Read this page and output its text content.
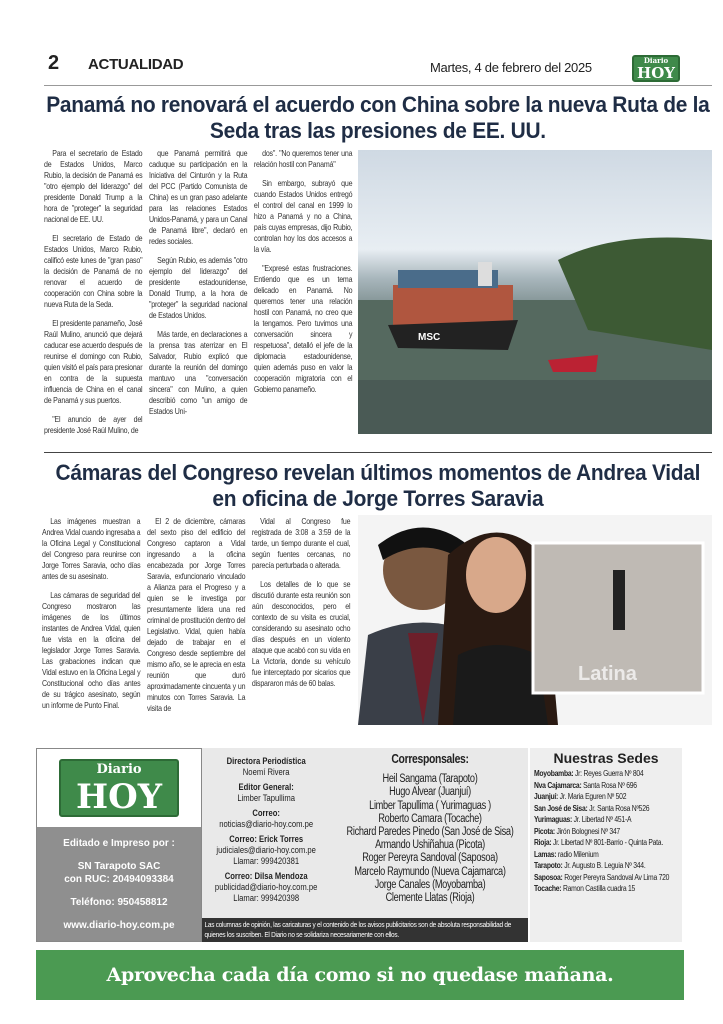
2 ACTUALIDAD	Martes, 4 de febrero del 2025	Diario
HOY
Panamá no renovará el acuerdo con China sobre la nueva Ruta de la Seda tras las presiones de EE. UU.

Para el secretario de Estado de Estados Unidos, Marco Rubio, la decisión de Panamá es "otro ejemplo del liderazgo" del presidente Donald Trump a la hora de "proteger" la seguridad nacional de EE. UU.

El secretario de Estado de Estados Unidos, Marco Rubio, calificó este lunes de "gran paso" la decisión de Panamá de no renovar el acuerdo de cooperación con China sobre la nueva Ruta de la Seda.

El presidente panameño, José Raúl Mulino, anunció que dejará caducar ese acuerdo después de reunirse el domingo con Rubio, quien visitó el país para presionar en contra de la supuesta influencia de China en el canal de Panamá y sus puertos.

"El anuncio de ayer del presidente José Raúl Mulino, de

que Panamá permitirá que caduque su participación en la Iniciativa del Cinturón y la Ruta del PCC (Partido Comunista de China) es un gran paso adelante para las relaciones Estados Unidos-Panamá, y para un Canal de Panamá libre", declaró en redes sociales.

Según Rubio, es además "otro ejemplo del liderazgo" del presidente estadounidense, Donald Trump, a la hora de "proteger" la seguridad nacional de Estados Unidos.

Más tarde, en declaraciones a la prensa tras aterrizar en El Salvador, Rubio explicó que durante la reunión del domingo mantuvo una "conversación sincera" con Mulino, a quien describió como "un amigo de Estados Uni-

dos". "No queremos tener una relación hostil con Panamá"

Sin embargo, subrayó que cuando Estados Unidos entregó el control del canal en 1999 lo hizo a Panamá y no a China, país cuyas empresas, dijo Rubio, controlan hoy los dos accesos a la vía.

"Expresé estas frustraciones. Entiendo que es un tema delicado en Panamá. No queremos tener una relación hostil con Panamá, no creo que la tengamos. Pero tuvimos una conversación sincera y respetuosa", detalló el jefe de la diplomacia estadounidense, quien además puso en valor la cooperación migratoria con el Gobierno panameño.

MSC
Cámaras del Congreso revelan últimos momentos de Andrea Vidal en oficina de Jorge Torres Saravia

Las imágenes muestran a Andrea Vidal cuando ingresaba a la Oficina Legal y Constitucional del Congreso para reunirse con Jorge Torres Saravia, ocho días antes de su asesinato.

Las cámaras de seguridad del Congreso mostraron las imágenes de los últimos instantes de Andrea Vidal, quien fue vista en la oficina del legislador Jorge Torres Saravia. Las grabaciones indican que Vidal estuvo en la Oficina Legal y Constitucional ocho días antes de su trágico asesinato, según un informe de Punto Final.

El 2 de diciembre, cámaras del sexto piso del edificio del Congreso captaron a Vidal ingresando a la oficina encabezada por Jorge Torres Saravia, exfuncionario vinculado a Alianza para el Progreso y a quien se le investiga por presuntamente lidera una red criminal de prostitución dentro del Legislativo. Vidal, quien había dejado de trabajar en el Congreso desde septiembre del mismo año, se le aprecia en esta reunión que duró aproximadamente cincuenta y un minutos con Torres Saravia. La visita de

Vidal al Congreso fue registrada de 3:08 a 3:59 de la tarde, un tiempo durante el cual, según fuentes cercanas, no parecía perturbada o alterada.

Los detalles de lo que se discutió durante esta reunión son aún desconocidos, pero el contexto de su visita es crucial, considerando su asesinato ocho días después en un violento ataque que acabó con su vida en La Victoria, donde su vehículo fue interceptado por sicarios que dispararon más de 60 balas.	Latina
Diario
HOY
Editado e Impreso por :
SN Tarapoto SAC
con RUC: 20494093384
Teléfono: 950458812
www.diario-hoy.com.pe
Directora Periodística
Noemí Rivera
Editor General:
Limber Tapullima
Correo:
noticias@diario-hoy.com.pe
Correo: Erick Torres
judiciales@diario-hoy.com.pe
Llamar: 999420381
Correo: Dilsa Mendoza
publicidad@diario-hoy.com.pe
Llamar: 999420398
Corresponsales:
Heil Sangama (Tarapoto)
Hugo Alvear (Juanjuí)
Limber Tapullima ( Yurimaguas )
Roberto Camara (Tocache)
Richard Paredes Pinedo (San José de Sisa)
Armando Ushiñahua (Picota)
Roger Pereyra Sandoval (Saposoa)
Marcelo Raymundo (Nueva Cajamarca)
Jorge Canales (Moyobamba)
Clemente Llatas (Rioja)
Las columnas de opinión, las caricaturas y el contenido de los avisos publicitarios son de absoluta responsabilidad de quienes los suscriben. El Diario no se solidariza necesariamente con ellos.
Nuestras Sedes
Moyobamba: Jr: Reyes Guerra Nº 804
Nva Cajamarca: Santa Rosa Nº 696
Juanjuí: Jr. Maria Eguren Nº 502
San José de Sisa: Jr. Santa Rosa Nº526
Yurimaguas: Jr. Libertad Nº 451-A
Picota: Jirón Bolognesi Nº 347
Rioja: Jr. Libertad Nº 801-Barrio - Quinta Pata.
Lamas: radio Milenium
Tarapoto: Jr. Augusto B. Leguia Nº 344.
Saposoa: Roger Pereyra Sandoval Av Lima 720
Tocache: Ramon Castilla cuadra 15
Aprovecha cada día como si no quedase mañana.
